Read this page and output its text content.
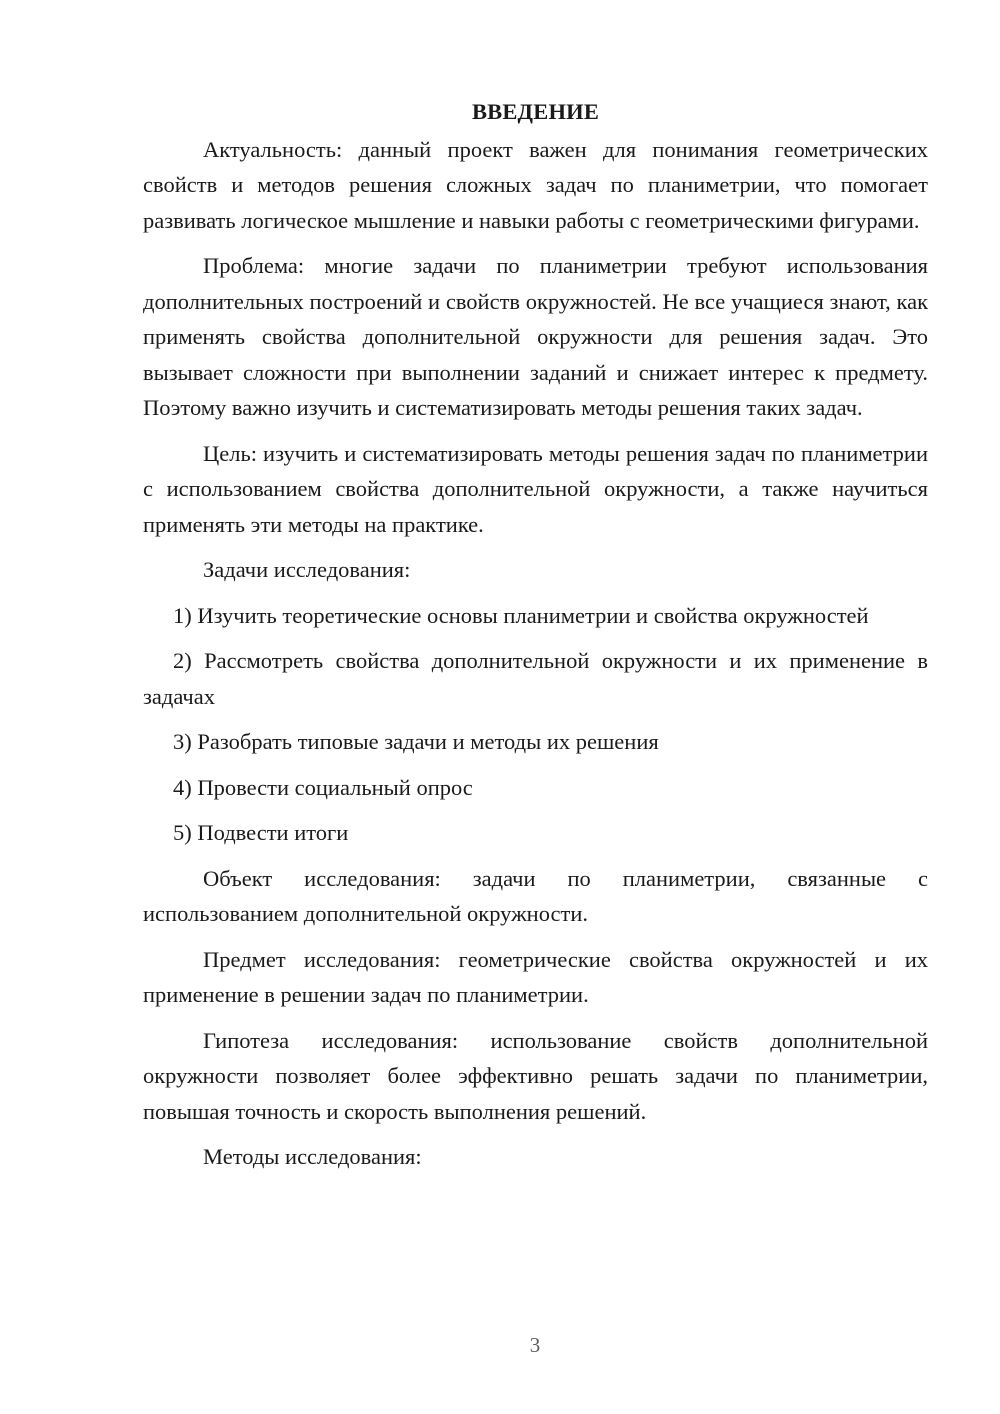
ВВЕДЕНИЕ

Актуальность: данный проект важен для понимания геометрических свойств и методов решения сложных задач по планиметрии, что помогает развивать логическое мышление и навыки работы с геометрическими фигурами.

Проблема: многие задачи по планиметрии требуют использования дополнительных построений и свойств окружностей. Не все учащиеся знают, как применять свойства дополнительной окружности для решения задач. Это вызывает сложности при выполнении заданий и снижает интерес к предмету. Поэтому важно изучить и систематизировать методы решения таких задач.

Цель: изучить и систематизировать методы решения задач по планиметрии с использованием свойства дополнительной окружности, а также научиться применять эти методы на практике.

Задачи исследования:

1) Изучить теоретические основы планиметрии и свойства окружностей

2) Рассмотреть свойства дополнительной окружности и их применение в задачах

3) Разобрать типовые задачи и методы их решения

4) Провести социальный опрос

5) Подвести итоги

Объект исследования: задачи по планиметрии, связанные с использованием дополнительной окружности.

Предмет исследования: геометрические свойства окружностей и их применение в решении задач по планиметрии.

Гипотеза исследования: использование свойств дополнительной окружности позволяет более эффективно решать задачи по планиметрии, повышая точность и скорость выполнения решений.

Методы исследования:

3
